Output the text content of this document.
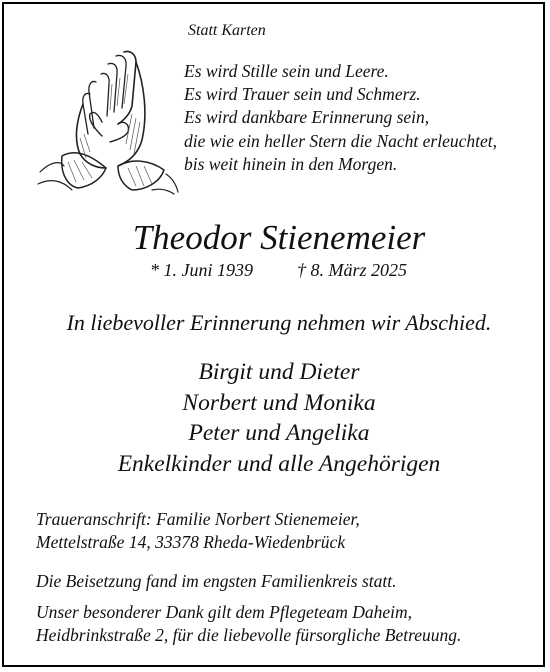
Statt Karten
Es wird Stille sein und Leere.
Es wird Trauer sein und Schmerz.
Es wird dankbare Erinnerung sein,
die wie ein heller Stern die Nacht erleuchtet,
bis weit hinein in den Morgen.
Theodor Stienemeier
* 1. Juni 1939 † 8. März 2025
In liebevoller Erinnerung nehmen wir Abschied.
Birgit und Dieter
Norbert und Monika
Peter und Angelika
Enkelkinder und alle Angehörigen
Traueranschrift: Familie Norbert Stienemeier,
Mettelstraße 14, 33378 Rheda-Wiedenbrück
Die Beisetzung fand im engsten Familienkreis statt.
Unser besonderer Dank gilt dem Pflegeteam Daheim,
Heidbrinkstraße 2, für die liebevolle fürsorgliche Betreuung.
